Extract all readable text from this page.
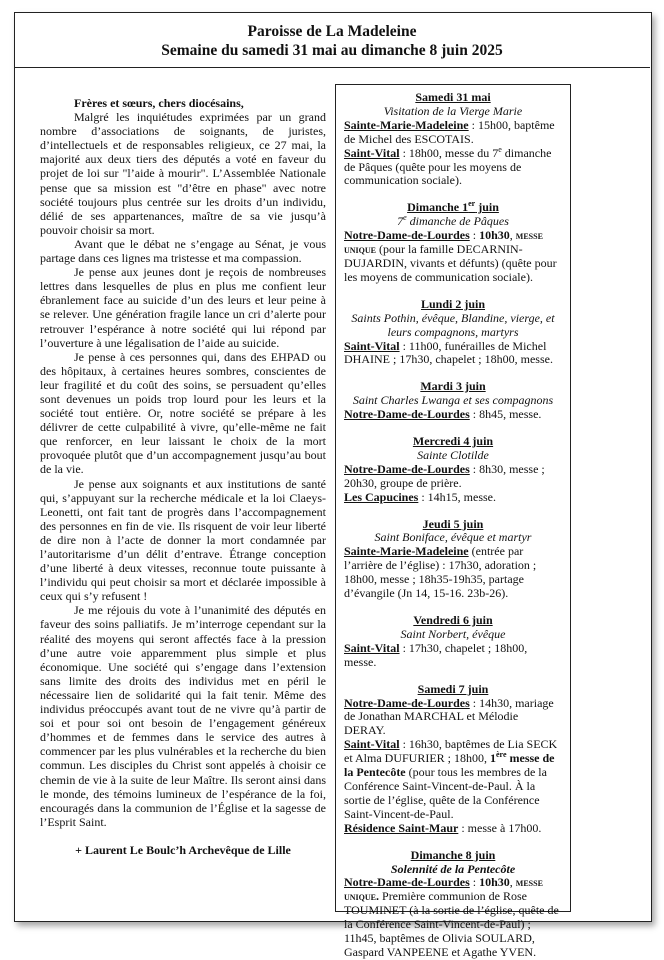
Paroisse de La Madeleine
Semaine du samedi 31 mai au dimanche 8 juin 2025

Frères et sœurs, chers diocésains,

Malgré les inquiétudes exprimées par un grand nombre d’associations de soignants, de juristes, d’intellectuels et de responsables religieux, ce 27 mai, la majorité aux deux tiers des députés a voté en faveur du projet de loi sur "l’aide à mourir". L’Assemblée Nationale pense que sa mission est "d’être en phase" avec notre société toujours plus centrée sur les droits d’un individu, délié de ses appartenances, maître de sa vie jusqu’à pouvoir choisir sa mort.

Avant que le débat ne s’engage au Sénat, je vous partage dans ces lignes ma tristesse et ma compassion.

Je pense aux jeunes dont je reçois de nombreuses lettres dans lesquelles de plus en plus me confient leur ébranlement face au suicide d’un des leurs et leur peine à se relever. Une génération fragile lance un cri d’alerte pour retrouver l’espérance à notre société qui lui répond par l’ouverture à une légalisation de l’aide au suicide.

Je pense à ces personnes qui, dans des EHPAD ou des hôpitaux, à certaines heures sombres, conscientes de leur fragilité et du coût des soins, se persuadent qu’elles sont devenues un poids trop lourd pour les leurs et la société tout entière. Or, notre société se prépare à les délivrer de cette culpabilité à vivre, qu’elle-même ne fait que renforcer, en leur laissant le choix de la mort provoquée plutôt que d’un accompagnement jusqu’au bout de la vie.

Je pense aux soignants et aux institutions de santé qui, s’appuyant sur la recherche médicale et la loi Claeys-Leonetti, ont fait tant de progrès dans l’accompagnement des personnes en fin de vie. Ils risquent de voir leur liberté de dire non à l’acte de donner la mort condamnée par l’autoritarisme d’un délit d’entrave. Étrange conception d’une liberté à deux vitesses, reconnue toute puissante à l’individu qui peut choisir sa mort et déclarée impossible à ceux qui s’y refusent !

Je me réjouis du vote à l’unanimité des députés en faveur des soins palliatifs. Je m’interroge cependant sur la réalité des moyens qui seront affectés face à la pression d’une autre voie apparemment plus simple et plus économique. Une société qui s’engage dans l’extension sans limite des droits des individus met en péril le nécessaire lien de solidarité qui la fait tenir. Même des individus préoccupés avant tout de ne vivre qu’à partir de soi et pour soi ont besoin de l’engagement généreux d’hommes et de femmes dans le service des autres à commencer par les plus vulnérables et la recherche du bien commun. Les disciples du Christ sont appelés à choisir ce chemin de vie à la suite de leur Maître. Ils seront ainsi dans le monde, des témoins lumineux de l’espérance de la foi, encouragés dans la communion de l’Église et la sagesse de l’Esprit Saint.

+ Laurent Le Boulc’h Archevêque de Lille

Samedi 31 mai
Visitation de la Vierge Marie

Sainte-Marie-Madeleine : 15h00, baptême de Michel des ESCOTAIS.

Saint-Vital : 18h00, messe du 7e dimanche de Pâques (quête pour les moyens de communication sociale).

Dimanche 1er juin
7e dimanche de Pâques

Notre-Dame-de-Lourdes : 10h30, messe unique (pour la famille DECARNIN-DUJARDIN, vivants et défunts) (quête pour les moyens de communication sociale).

Lundi 2 juin
Saints Pothin, évêque, Blandine, vierge, et leurs compagnons, martyrs

Saint-Vital : 11h00, funérailles de Michel DHAINE ; 17h30, chapelet ; 18h00, messe.

Mardi 3 juin
Saint Charles Lwanga et ses compagnons

Notre-Dame-de-Lourdes : 8h45, messe.

Mercredi 4 juin
Sainte Clotilde

Notre-Dame-de-Lourdes : 8h30, messe ; 20h30, groupe de prière.

Les Capucines : 14h15, messe.

Jeudi 5 juin
Saint Boniface, évêque et martyr

Sainte-Marie-Madeleine (entrée par l’arrière de l’église) : 17h30, adoration ; 18h00, messe ; 18h35-19h35, partage d’évangile (Jn 14, 15-16. 23b-26).

Vendredi 6 juin
Saint Norbert, évêque

Saint-Vital : 17h30, chapelet ; 18h00, messe.

Samedi 7 juin

Notre-Dame-de-Lourdes : 14h30, mariage de Jonathan MARCHAL et Mélodie DERAY.

Saint-Vital : 16h30, baptêmes de Lia SECK et Alma DUFURIER ; 18h00, 1ère messe de la Pentecôte (pour tous les membres de la Conférence Saint-Vincent-de-Paul. À la sortie de l’église, quête de la Conférence Saint-Vincent-de-Paul.

Résidence Saint-Maur : messe à 17h00.

Dimanche 8 juin
Solennité de la Pentecôte

Notre-Dame-de-Lourdes : 10h30, messe unique. Première communion de Rose TOUMINET (à la sortie de l’église, quête de la Conférence Saint-Vincent-de-Paul) ; 11h45, baptêmes de Olivia SOULARD, Gaspard VANPEENE et Agathe YVEN.
